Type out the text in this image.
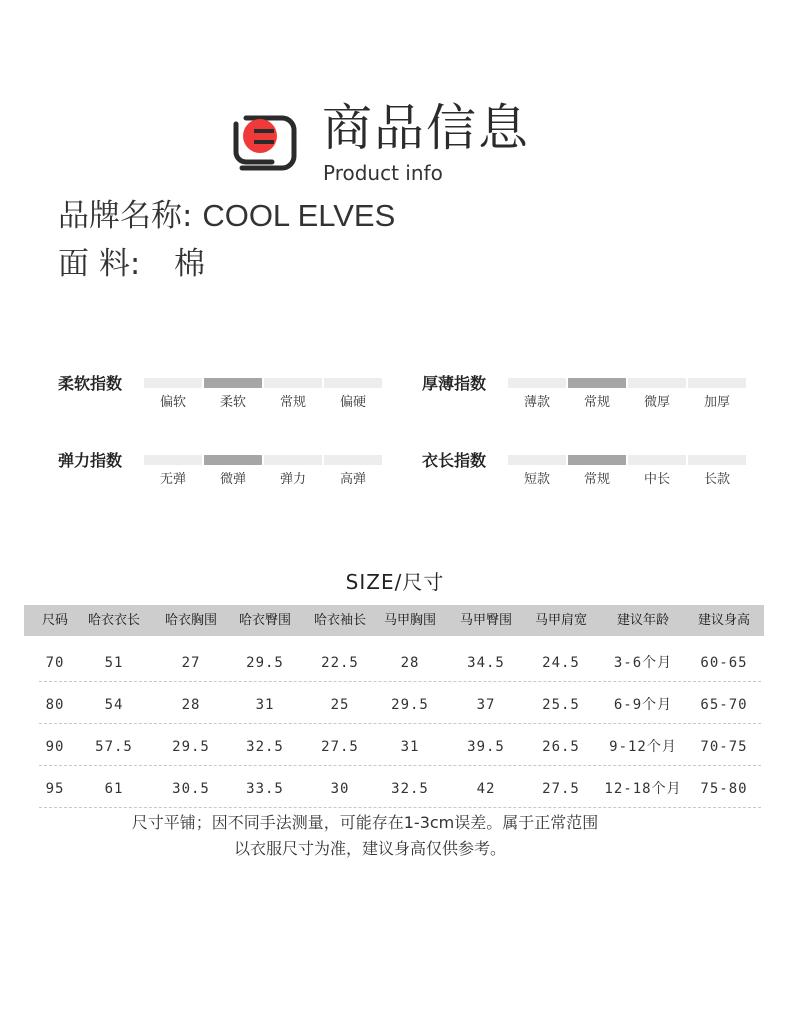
商品信息
Product info
品牌名称: COOL ELVES
面 料: 棉
柔软指数
偏软	柔软	常规	偏硬
厚薄指数
薄款	常规	微厚	加厚
弹力指数
无弹	微弹	弹力	高弹
衣长指数
短款	常规	中长	长款
SIZE/尺寸
尺码	哈衣衣长	哈衣胸围	哈衣臀围	哈衣袖长	马甲胸围	马甲臀围	马甲肩宽	建议年龄	建议身高
70	51	27	29.5	22.5	28	34.5	24.5	3-6个月	60-65
80	54	28	31	25	29.5	37	25.5	6-9个月	65-70
90	57.5	29.5	32.5	27.5	31	39.5	26.5	9-12个月	70-75
95	61	30.5	33.5	30	32.5	42	27.5	12-18个月	75-80
尺寸平铺；因不同手法测量，可能存在1-3cm误差。属于正常范围
以衣服尺寸为准，建议身高仅供参考。
